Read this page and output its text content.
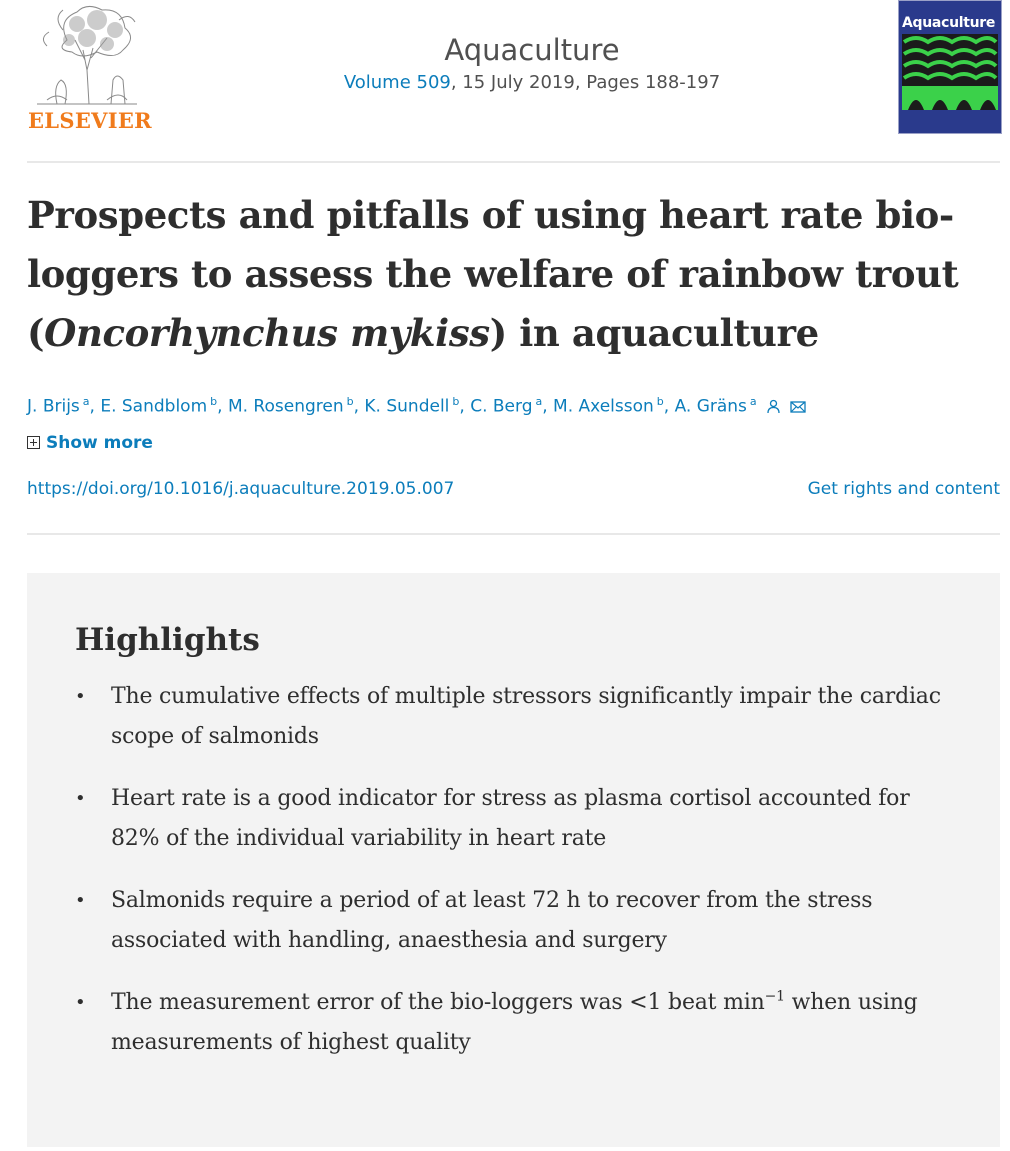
ELSEVIER
Aquaculture
Volume 509, 15 July 2019, Pages 188-197
Aquaculture
Prospects and pitfalls of using heart rate bio-loggers to assess the welfare of rainbow trout (Oncorhynchus mykiss) in aquaculture
J. Brijs $^a$, E. Sandblom $^b$, M. Rosengren $^b$, K. Sundell $^b$, C. Berg $^a$, M. Axelsson $^b$, A. Gräns $^a$
Show more
https://doi.org/10.1016/j.aquaculture.2019.05.007	Get rights and content
Highlights
• The cumulative effects of multiple stressors significantly impair the cardiac scope of salmonids
• Heart rate is a good indicator for stress as plasma cortisol accounted for 82% of the individual variability in heart rate
• Salmonids require a period of at least 72 h to recover from the stress associated with handling, anaesthesia and surgery
• The measurement error of the bio-loggers was <1 beat $\min^{-1}$ when using measurements of highest quality
